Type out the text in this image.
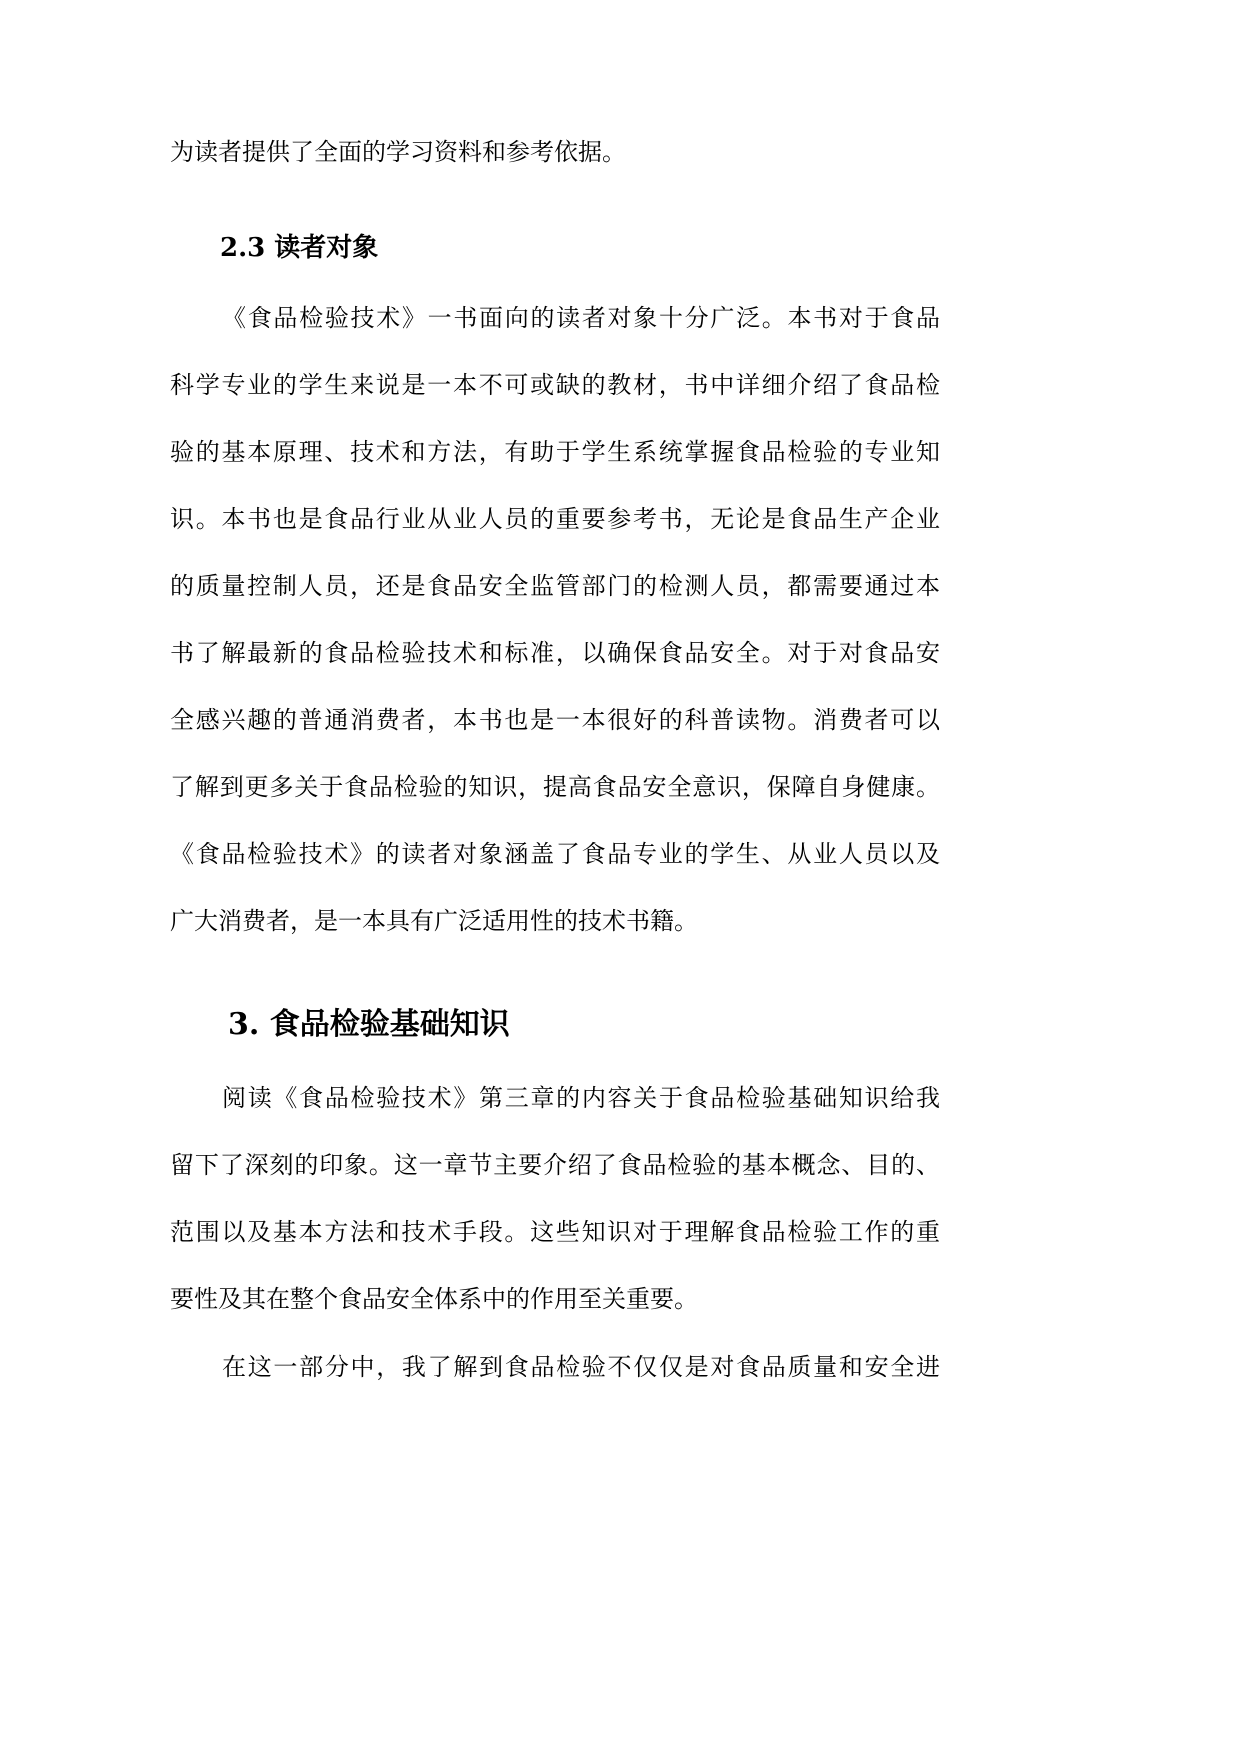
为读者提供了全面的学习资料和参考依据。
2.3 读者对象
《食品检验技术》一书面向的读者对象十分广泛。本书对于食品
科学专业的学生来说是一本不可或缺的教材，书中详细介绍了食品检
验的基本原理、技术和方法，有助于学生系统掌握食品检验的专业知
识。本书也是食品行业从业人员的重要参考书，无论是食品生产企业
的质量控制人员，还是食品安全监管部门的检测人员，都需要通过本
书了解最新的食品检验技术和标准，以确保食品安全。对于对食品安
全感兴趣的普通消费者，本书也是一本很好的科普读物。消费者可以
了解到更多关于食品检验的知识，提高食品安全意识，保障自身健康。
《食品检验技术》的读者对象涵盖了食品专业的学生、从业人员以及
广大消费者，是一本具有广泛适用性的技术书籍。
3. 食品检验基础知识
阅读《食品检验技术》第三章的内容关于食品检验基础知识给我
留下了深刻的印象。这一章节主要介绍了食品检验的基本概念、目的、
范围以及基本方法和技术手段。这些知识对于理解食品检验工作的重
要性及其在整个食品安全体系中的作用至关重要。
在这一部分中，我了解到食品检验不仅仅是对食品质量和安全进
